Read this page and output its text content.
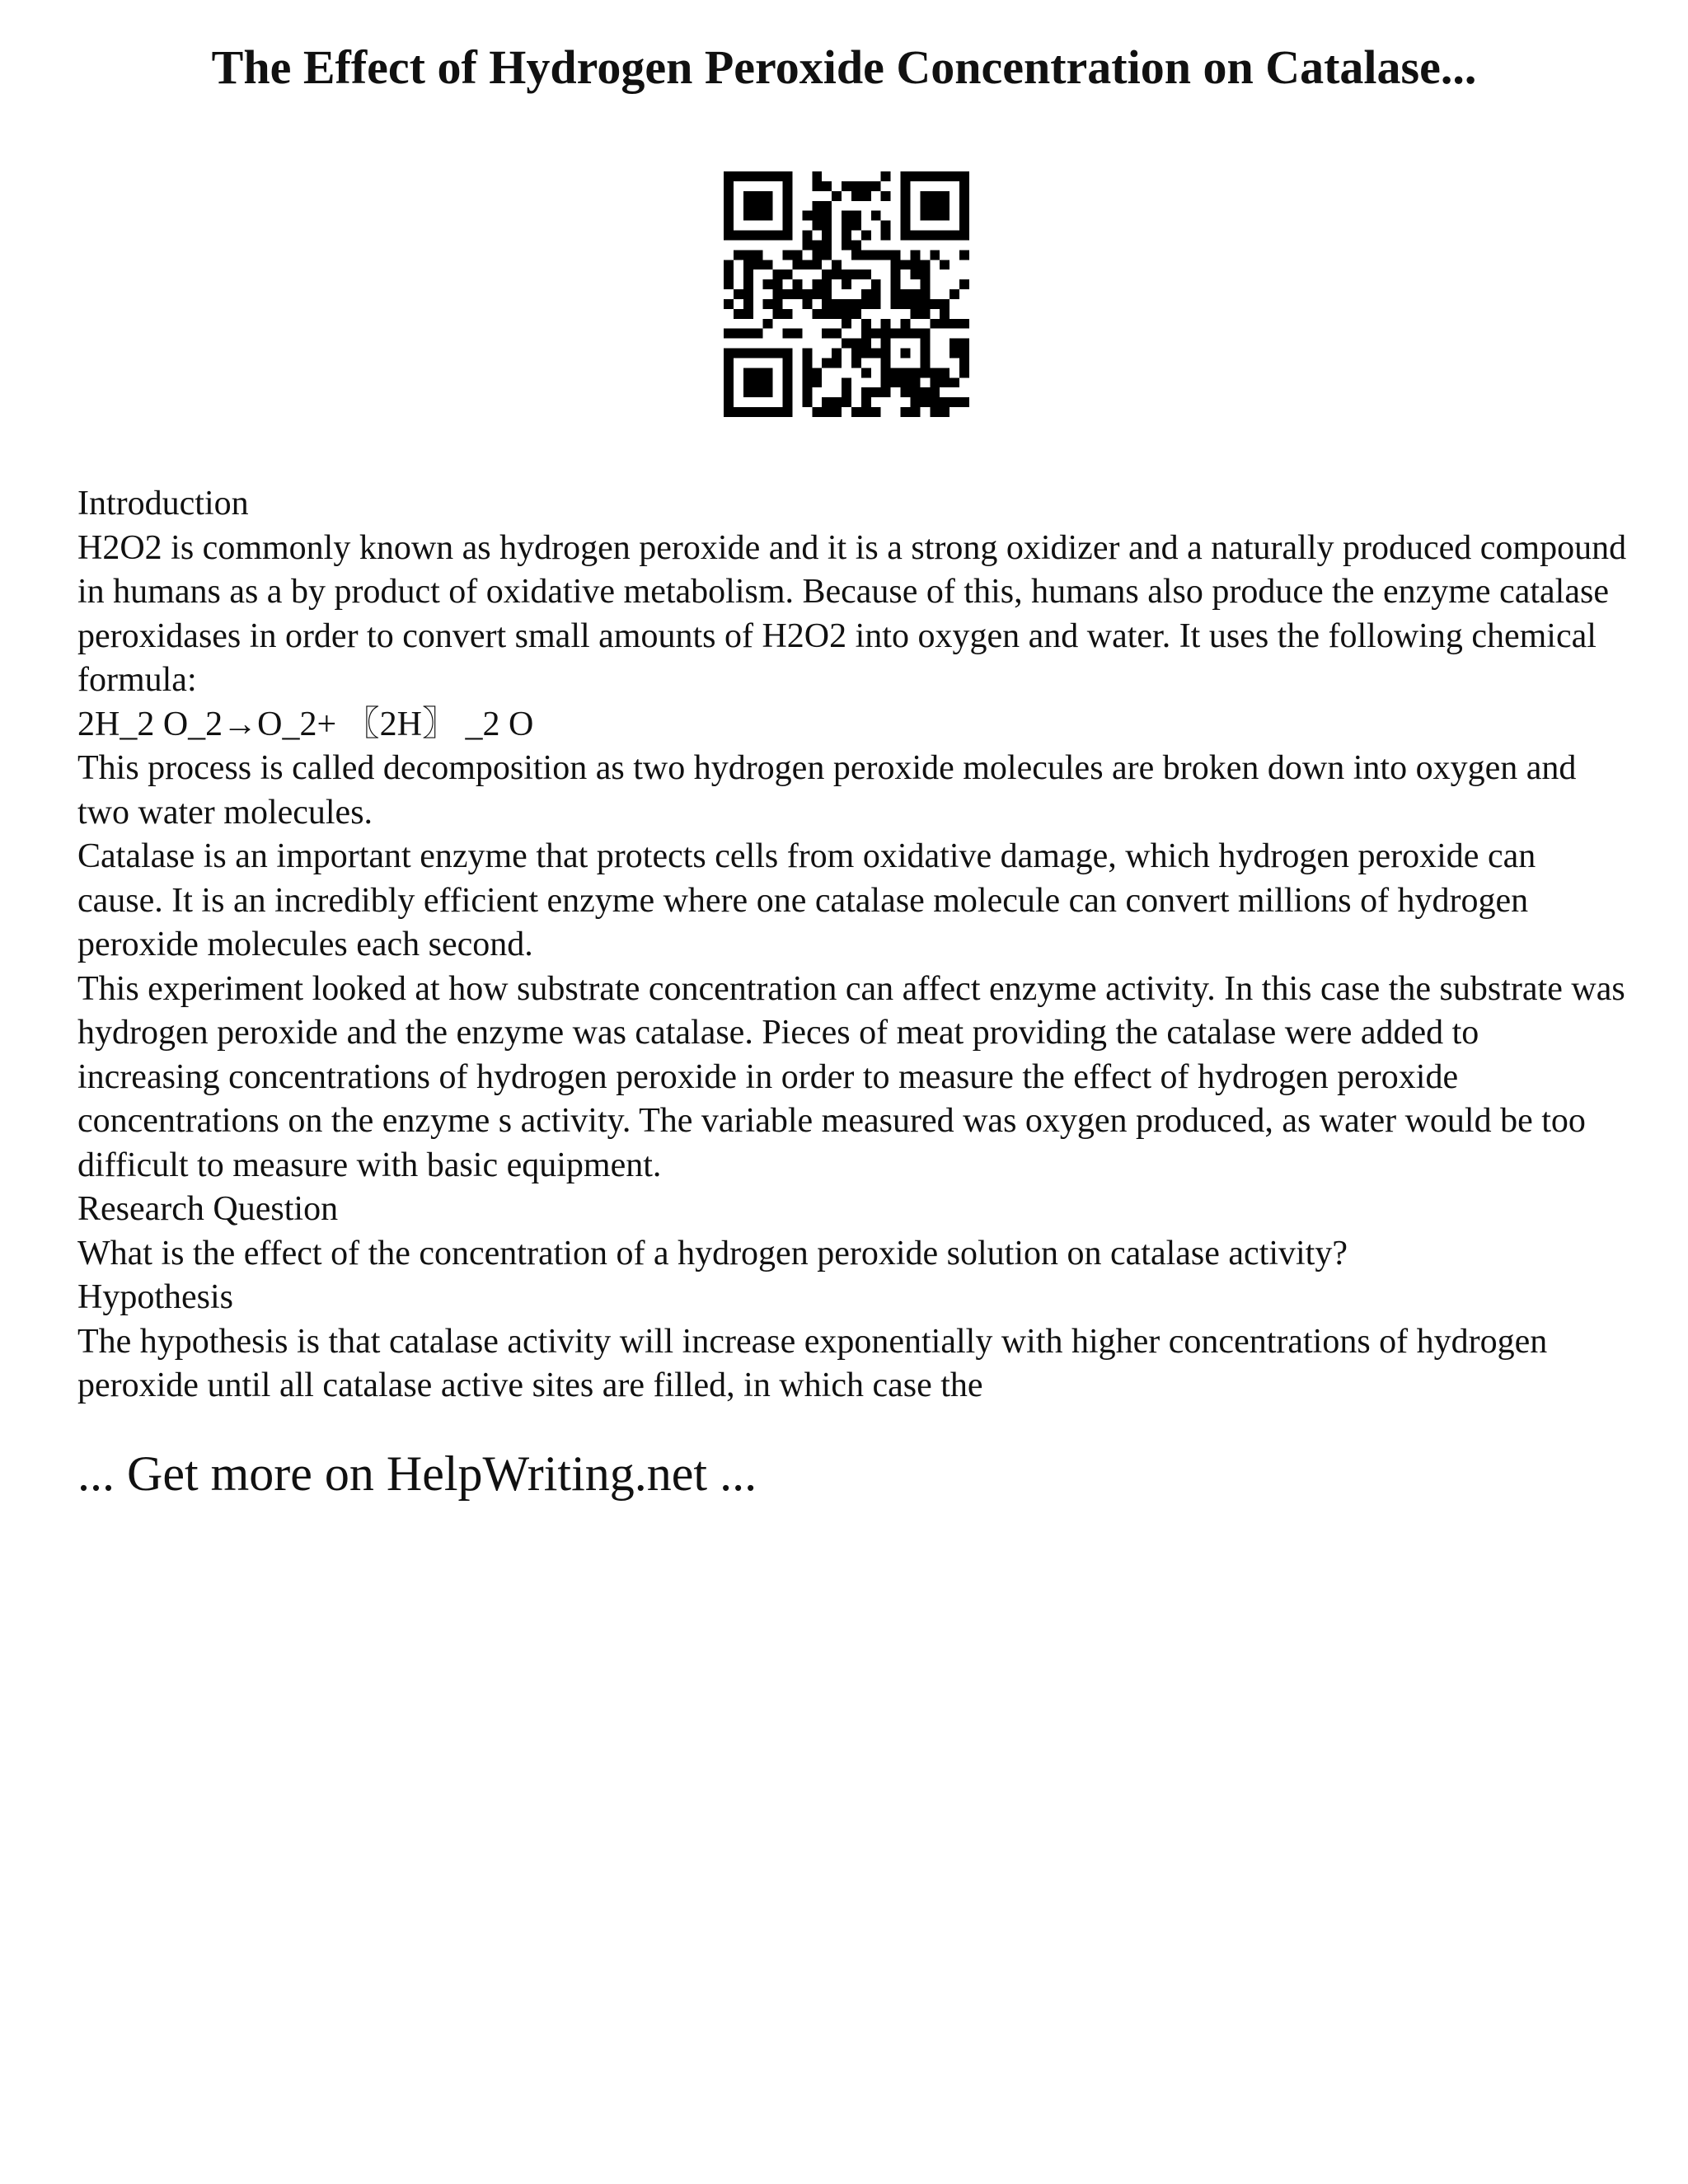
The Effect of Hydrogen Peroxide Concentration on Catalase...

Introduction

H2O2 is commonly known as hydrogen peroxide and it is a strong oxidizer and a naturally produced compound in humans as a by product of oxidative metabolism. Because of this, humans also produce the enzyme catalase peroxidases in order to convert small amounts of H2O2 into oxygen and water. It uses the following chemical formula:

2H_2 O_2→O_2+ 〖2H〗 _2 O

This process is called decomposition as two hydrogen peroxide molecules are broken down into oxygen and two water molecules.

Catalase is an important enzyme that protects cells from oxidative damage, which hydrogen peroxide can cause. It is an incredibly efficient enzyme where one catalase molecule can convert millions of hydrogen peroxide molecules each second.

This experiment looked at how substrate concentration can affect enzyme activity. In this case the substrate was hydrogen peroxide and the enzyme was catalase. Pieces of meat providing the catalase were added to increasing concentrations of hydrogen peroxide in order to measure the effect of hydrogen peroxide concentrations on the enzyme s activity. The variable measured was oxygen produced, as water would be too difficult to measure with basic equipment.

Research Question

What is the effect of the concentration of a hydrogen peroxide solution on catalase activity?

Hypothesis

The hypothesis is that catalase activity will increase exponentially with higher concentrations of hydrogen peroxide until all catalase active sites are filled, in which case the

... Get more on HelpWriting.net ...
